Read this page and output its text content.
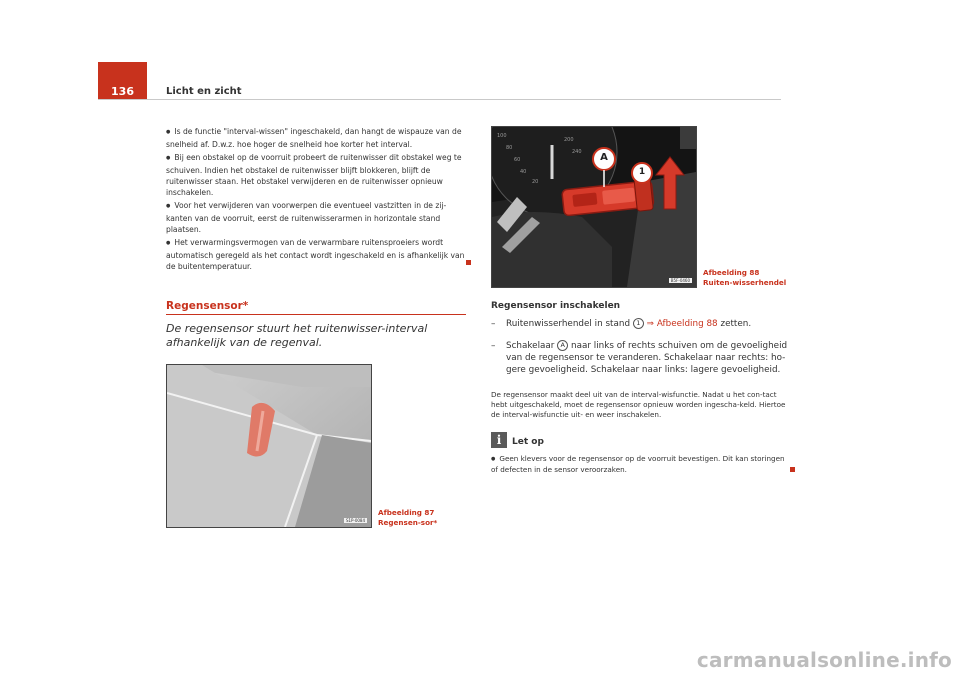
136	Licht en zicht
● Is de functie "interval-wissen" ingeschakeld, dan hangt de wispauze van de snelheid af. D.w.z. hoe hoger de snelheid hoe korter het interval.
● Bij een obstakel op de voorruit probeert de ruitenwisser dit obstakel weg te schuiven. Indien het obstakel de ruitenwisser blijft blokkeren, blijft de ruitenwisser staan. Het obstakel verwijderen en de ruitenwisser opnieuw inschakelen.
● Voor het verwijderen van voorwerpen die eventueel vastzitten in de zij-kanten van de voorruit, eerst de ruitenwisserarmen in horizontale stand plaatsen.
● Het verwarmingsvermogen van de verwarmbare ruitensproeiers wordt automatisch geregeld als het contact wordt ingeschakeld en is afhankelijk van de buitentemperatuur.
Regensensor*
De regensensor stuurt het ruitenwisser-interval afhankelijk van de regenval.
S1P-0084
Afbeelding 87 Regensen-sor*
100
80
60
40
20
200
240 A
1
B5F-0460
Afbeelding 88 Ruiten-wisserhendel
Regensensor inschakelen
– Ruitenwisserhendel in stand 1 ⇒ Afbeelding 88 zetten.
– Schakelaar A naar links of rechts schuiven om de gevoeligheid van de regensensor te veranderen. Schakelaar naar rechts: ho-gere gevoeligheid. Schakelaar naar links: lagere gevoeligheid.
De regensensor maakt deel uit van de interval-wisfunctie. Nadat u het con-tact hebt uitgeschakeld, moet de regensensor opnieuw worden ingescha-keld. Hiertoe de interval-wisfunctie uit- en weer inschakelen.
i	Let op
● Geen klevers voor de regensensor op de voorruit bevestigen. Dit kan storingen of defecten in de sensor veroorzaken.
carmanualsonline.info
